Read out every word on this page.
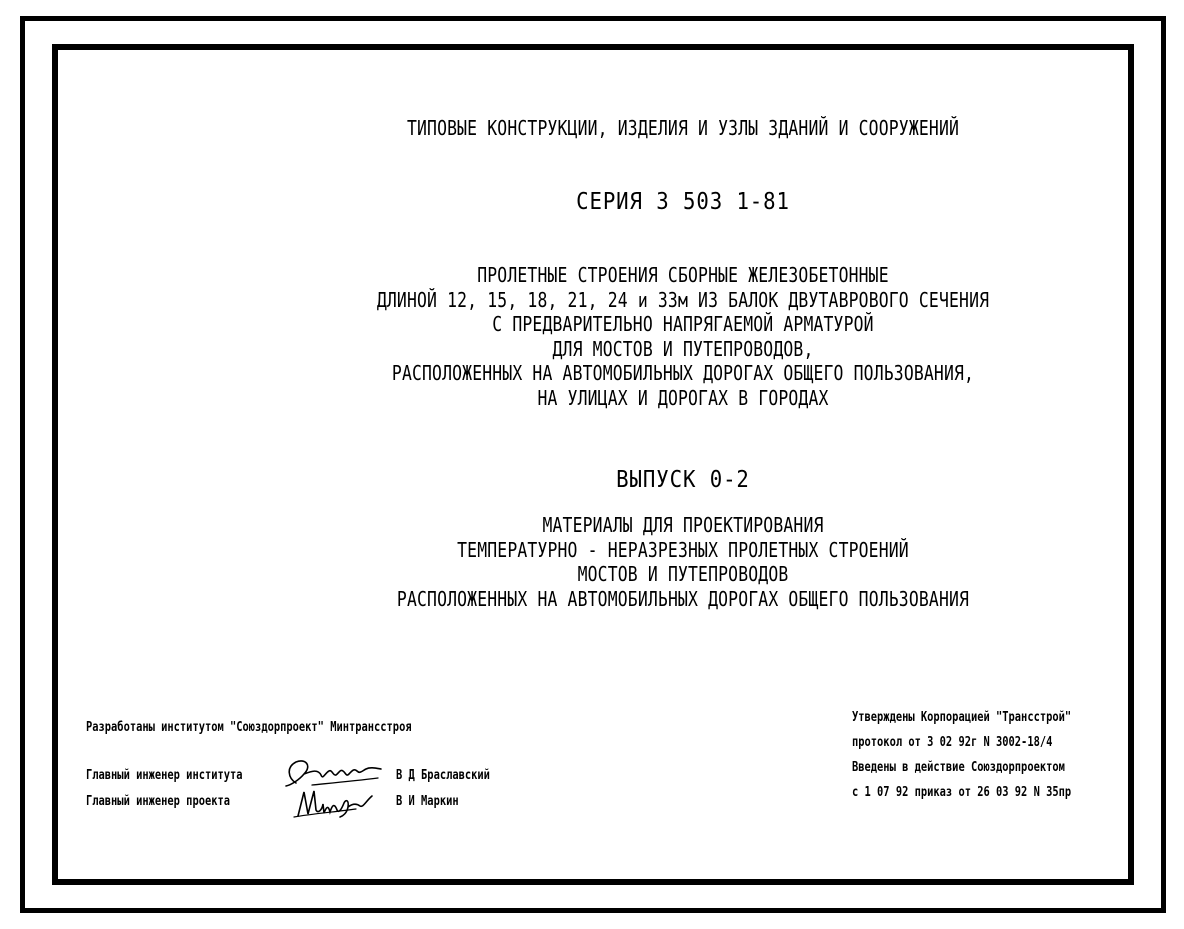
ТИПОВЫЕ КОНСТРУКЦИИ, ИЗДЕЛИЯ И УЗЛЫ ЗДАНИЙ И СООРУЖЕНИЙ
СЕРИЯ 3 503 1-81
ПРОЛЕТНЫЕ СТРОЕНИЯ СБОРНЫЕ ЖЕЛЕЗОБЕТОННЫЕ
ДЛИНОЙ 12, 15, 18, 21, 24 и 33м ИЗ БАЛОК ДВУТАВРОВОГО СЕЧЕНИЯ
С ПРЕДВАРИТЕЛЬНО НАПРЯГАЕМОЙ АРМАТУРОЙ
ДЛЯ МОСТОВ И ПУТЕПРОВОДОВ,
РАСПОЛОЖЕННЫХ НА АВТОМОБИЛЬНЫХ ДОРОГАХ ОБЩЕГО ПОЛЬЗОВАНИЯ,
НА УЛИЦАХ И ДОРОГАХ В ГОРОДАХ
ВЫПУСК 0-2
МАТЕРИАЛЫ ДЛЯ ПРОЕКТИРОВАНИЯ
ТЕМПЕРАТУРНО - НЕРАЗРЕЗНЫХ ПРОЛЕТНЫХ СТРОЕНИЙ
МОСТОВ И ПУТЕПРОВОДОВ
РАСПОЛОЖЕННЫХ НА АВТОМОБИЛЬНЫХ ДОРОГАХ ОБЩЕГО ПОЛЬЗОВАНИЯ
Разработаны институтом "Союздорпроект" Минтрансстроя
Главный инженер института	В Д Браславский
Главный инженер проекта	В И Маркин
Утверждены Корпорацией "Трансстрой"
протокол от 3 02 92г N 3002-18/4
Введены в действие Союздорпроектом
с 1 07 92 приказ от 26 03 92 N 35пр
